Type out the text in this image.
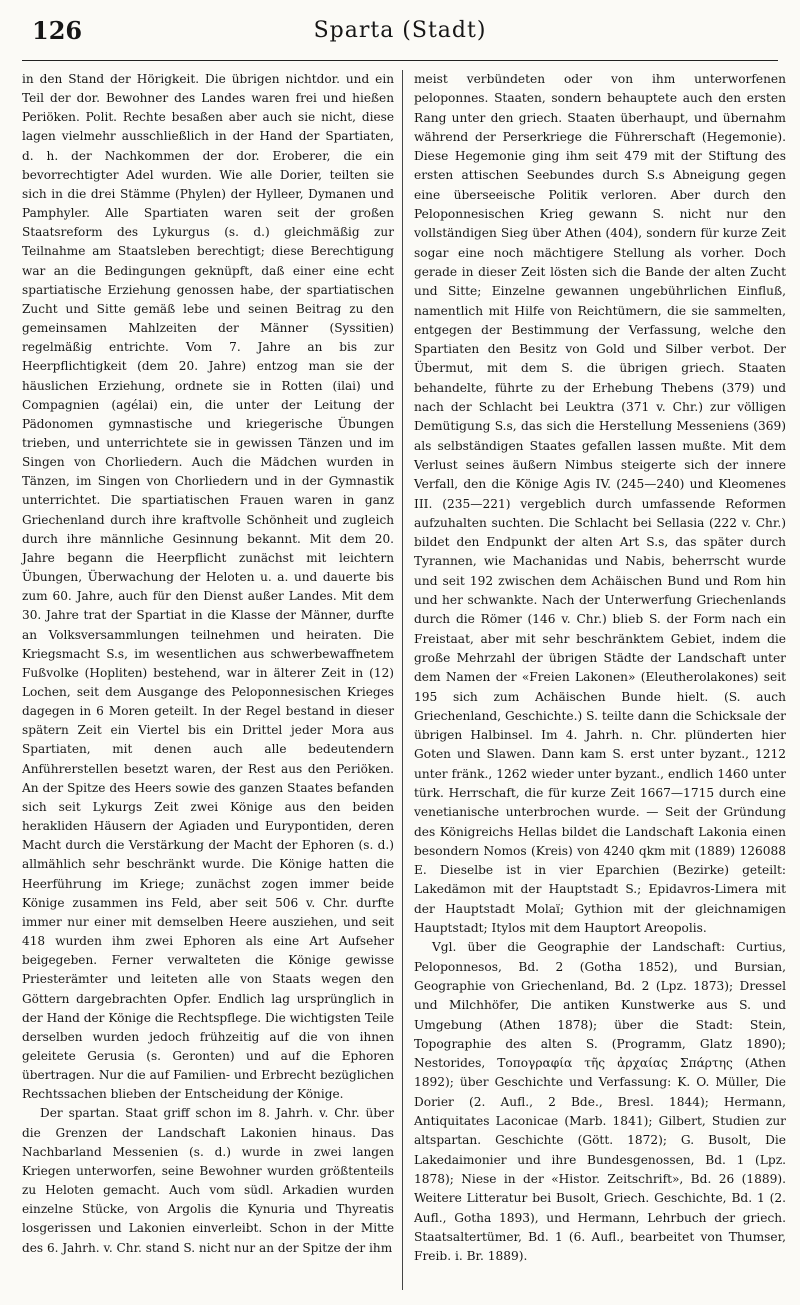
126	Sparta (Stadt)

in den Stand der Hörigkeit. Die übrigen nichtdor. und ein Teil der dor. Bewohner des Landes waren frei und hießen Periöken. Polit. Rechte besaßen aber auch sie nicht, diese lagen vielmehr ausschließlich in der Hand der Spartiaten, d. h. der Nachkommen der dor. Eroberer, die ein bevorrechtigter Adel wurden. Wie alle Dorier, teilten sie sich in die drei Stämme (Phylen) der Hylleer, Dymanen und Pamphyler. Alle Spartiaten waren seit der großen Staatsreform des Lykurgus (s. d.) gleichmäßig zur Teilnahme am Staatsleben berechtigt; diese Berechtigung war an die Bedingungen geknüpft, daß einer eine echt spartiatische Erziehung genossen habe, der spartiatischen Zucht und Sitte gemäß lebe und seinen Beitrag zu den gemeinsamen Mahlzeiten der Männer (Syssitien) regelmäßig entrichte. Vom 7. Jahre an bis zur Heerpflichtigkeit (dem 20. Jahre) entzog man sie der häuslichen Erziehung, ordnete sie in Rotten (ilai) und Compagnien (agélai) ein, die unter der Leitung der Pädonomen gymnastische und kriegerische Übungen trieben, und unterrichtete sie in gewissen Tänzen und im Singen von Chorliedern. Auch die Mädchen wurden in Tänzen, im Singen von Chorliedern und in der Gymnastik unterrichtet. Die spartiatischen Frauen waren in ganz Griechenland durch ihre kraftvolle Schönheit und zugleich durch ihre männliche Gesinnung bekannt. Mit dem 20. Jahre begann die Heerpflicht zunächst mit leichtern Übungen, Überwachung der Heloten u. a. und dauerte bis zum 60. Jahre, auch für den Dienst außer Landes. Mit dem 30. Jahre trat der Spartiat in die Klasse der Männer, durfte an Volksversammlungen teilnehmen und heiraten. Die Kriegsmacht S.s, im wesentlichen aus schwerbewaffnetem Fußvolke (Hopliten) bestehend, war in älterer Zeit in (12) Lochen, seit dem Ausgange des Peloponnesischen Krieges dagegen in 6 Moren geteilt. In der Regel bestand in dieser spätern Zeit ein Viertel bis ein Drittel jeder Mora aus Spartiaten, mit denen auch alle bedeutendern Anführerstellen besetzt waren, der Rest aus den Periöken. An der Spitze des Heers sowie des ganzen Staates befanden sich seit Lykurgs Zeit zwei Könige aus den beiden herakliden Häusern der Agiaden und Eurypontiden, deren Macht durch die Verstärkung der Macht der Ephoren (s. d.) allmählich sehr beschränkt wurde. Die Könige hatten die Heerführung im Kriege; zunächst zogen immer beide Könige zusammen ins Feld, aber seit 506 v. Chr. durfte immer nur einer mit demselben Heere ausziehen, und seit 418 wurden ihm zwei Ephoren als eine Art Aufseher beigegeben. Ferner verwalteten die Könige gewisse Priesterämter und leiteten alle von Staats wegen den Göttern dargebrachten Opfer. Endlich lag ursprünglich in der Hand der Könige die Rechtspflege. Die wichtigsten Teile derselben wurden jedoch frühzeitig auf die von ihnen geleitete Gerusia (s. Geronten) und auf die Ephoren übertragen. Nur die auf Familien- und Erbrecht bezüglichen Rechtssachen blieben der Entscheidung der Könige.

Der spartan. Staat griff schon im 8. Jahrh. v. Chr. über die Grenzen der Landschaft Lakonien hinaus. Das Nachbarland Messenien (s. d.) wurde in zwei langen Kriegen unterworfen, seine Bewohner wurden größtenteils zu Heloten gemacht. Auch vom südl. Arkadien wurden einzelne Stücke, von Argolis die Kynuria und Thyreatis losgerissen und Lakonien einverleibt. Schon in der Mitte des 6. Jahrh. v. Chr. stand S. nicht nur an der Spitze der ihm

meist verbündeten oder von ihm unterworfenen peloponnes. Staaten, sondern behauptete auch den ersten Rang unter den griech. Staaten überhaupt, und übernahm während der Perserkriege die Führerschaft (Hegemonie). Diese Hegemonie ging ihm seit 479 mit der Stiftung des ersten attischen Seebundes durch S.s Abneigung gegen eine überseeische Politik verloren. Aber durch den Peloponnesischen Krieg gewann S. nicht nur den vollständigen Sieg über Athen (404), sondern für kurze Zeit sogar eine noch mächtigere Stellung als vorher. Doch gerade in dieser Zeit lösten sich die Bande der alten Zucht und Sitte; Einzelne gewannen ungebührlichen Einfluß, namentlich mit Hilfe von Reichtümern, die sie sammelten, entgegen der Bestimmung der Verfassung, welche den Spartiaten den Besitz von Gold und Silber verbot. Der Übermut, mit dem S. die übrigen griech. Staaten behandelte, führte zu der Erhebung Thebens (379) und nach der Schlacht bei Leuktra (371 v. Chr.) zur völligen Demütigung S.s, das sich die Herstellung Messeniens (369) als selbständigen Staates gefallen lassen mußte. Mit dem Verlust seines äußern Nimbus steigerte sich der innere Verfall, den die Könige Agis IV. (245—240) und Kleomenes III. (235—221) vergeblich durch umfassende Reformen aufzuhalten suchten. Die Schlacht bei Sellasia (222 v. Chr.) bildet den Endpunkt der alten Art S.s, das später durch Tyrannen, wie Machanidas und Nabis, beherrscht wurde und seit 192 zwischen dem Achäischen Bund und Rom hin und her schwankte. Nach der Unterwerfung Griechenlands durch die Römer (146 v. Chr.) blieb S. der Form nach ein Freistaat, aber mit sehr beschränktem Gebiet, indem die große Mehrzahl der übrigen Städte der Landschaft unter dem Namen der «Freien Lakonen» (Eleutherolakones) seit 195 sich zum Achäischen Bunde hielt. (S. auch Griechenland, Geschichte.) S. teilte dann die Schicksale der übrigen Halbinsel. Im 4. Jahrh. n. Chr. plünderten hier Goten und Slawen. Dann kam S. erst unter byzant., 1212 unter fränk., 1262 wieder unter byzant., endlich 1460 unter türk. Herrschaft, die für kurze Zeit 1667—1715 durch eine venetianische unterbrochen wurde. — Seit der Gründung des Königreichs Hellas bildet die Landschaft Lakonia einen besondern Nomos (Kreis) von 4240 qkm mit (1889) 126088 E. Dieselbe ist in vier Eparchien (Bezirke) geteilt: Lakedämon mit der Hauptstadt S.; Epidavros-Limera mit der Hauptstadt Molaï; Gythion mit der gleichnamigen Hauptstadt; Itylos mit dem Hauptort Areopolis.

Vgl. über die Geographie der Landschaft: Curtius, Peloponnesos, Bd. 2 (Gotha 1852), und Bursian, Geographie von Griechenland, Bd. 2 (Lpz. 1873); Dressel und Milchhöfer, Die antiken Kunstwerke aus S. und Umgebung (Athen 1878); über die Stadt: Stein, Topographie des alten S. (Programm, Glatz 1890); Nestorides, Τοπογραφία τῆς ἀρχαίας Σπάρτης (Athen 1892); über Geschichte und Verfassung: K. O. Müller, Die Dorier (2. Aufl., 2 Bde., Bresl. 1844); Hermann, Antiquitates Laconicae (Marb. 1841); Gilbert, Studien zur altspartan. Geschichte (Gött. 1872); G. Busolt, Die Lakedaimonier und ihre Bundesgenossen, Bd. 1 (Lpz. 1878); Niese in der «Histor. Zeitschrift», Bd. 26 (1889). Weitere Litteratur bei Busolt, Griech. Geschichte, Bd. 1 (2. Aufl., Gotha 1893), und Hermann, Lehrbuch der griech. Staatsaltertümer, Bd. 1 (6. Aufl., bearbeitet von Thumser, Freib. i. Br. 1889).
